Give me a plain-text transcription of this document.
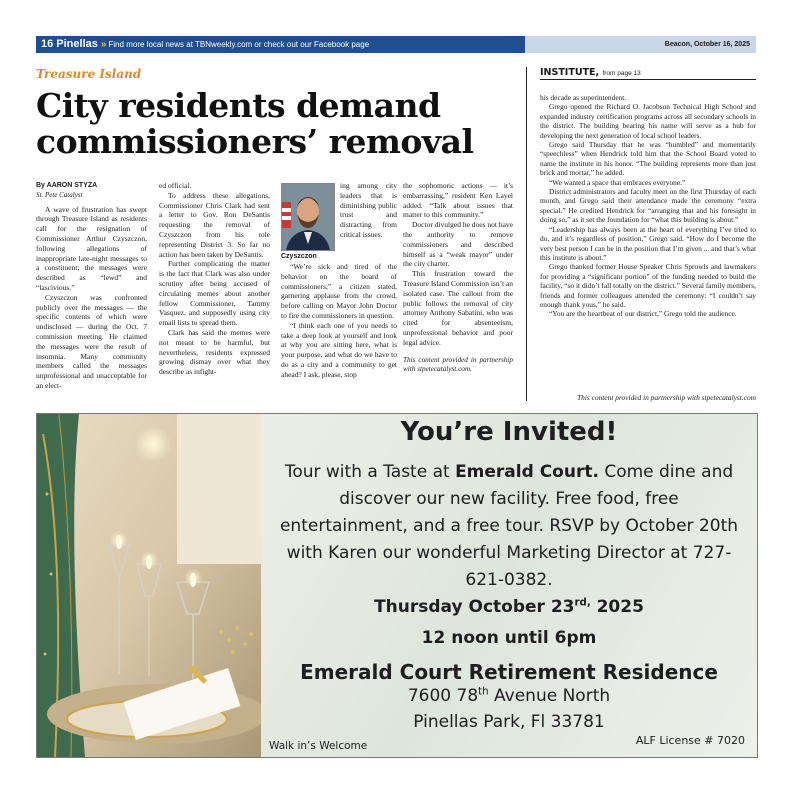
16 Pinellas » Find more local news at TBNweekly.com or check out our Facebook page	Beacon, October 16, 2025
Treasure Island
City residents demand
commissioners’ removal
By AARON STYZA
St. Pete Catalyst

A wave of frustration has swept through Treasure Island as residents call for the resignation of Commissioner Arthur Czyszczon, following allegations of inappropriate late-night messages to a constituent; the messages were described as “lewd” and “lascivious.”

Czyszczon was confronted publicly over the messages — the specific contents of which were undisclosed — during the Oct. 7 commission meeting. He claimed the messages were the result of insomnia. Many community members called the messages unprofessional and unacceptable for an elect-

ed official.

To address these allegations, Commissioner Chris Clark had sent a letter to Gov. Ron DeSantis requesting the removal of Czyszczon from his role representing District 3. So far no action has been taken by DeSantis.

Further complicating the matter is the fact that Clark was also under scrutiny after being accused of circulating memes about another fellow Commissioner, Tammy Vasquez, and supposedly using city email lists to spread them.

Clark has said the memes were not meant to be harmful, but nevertheless, residents expressed growing dismay over what they describe as infight-

Czyszczon

ing among city leaders that is diminishing public trust and distracting from critical issues.

“We’re sick and tired of the behavior on the board of commissioners,” a citizen stated, garnering applause from the crowd, before calling on Mayor John Doctor to fire the commissioners in question.

“I think each one of you needs to take a deep look at yourself and look at why you are sitting here, what is your purpose, and what do we have to do as a city and a community to get ahead? I ask, please, stop

the sophomoric actions — it’s embarrassing,” resident Ken Layel added. “Talk about issues that matter to this community.”

Doctor divulged he does not have the authority to remove commissioners and described himself as a “weak mayor” under the city charter.

This frustration toward the Treasure Island Commission isn’t an isolated case. The callout from the public follows the removal of city attorney Anthony Sabatini, who was cited for absenteeism, unprofessional behavior and poor legal advice.

This content provided in partnership with stpetecatalyst.com.

INSTITUTE, from page 13

his decade as superintendent.

Grego opened the Richard O. Jacobson Technical High School and expanded industry certification programs across all secondary schools in the district. The building bearing his name will serve as a hub for developing the next generation of local school leaders.

Grego said Thursday that he was “humbled” and momentarily “speechless” when Hendrick told him that the School Board voted to name the institute in his honor. “The building represents more than just brick and mortar,” he added.

“We wanted a space that embraces everyone.”

District administrators and faculty meet on the first Thursday of each month, and Grego said their attendance made the ceremony “extra special.” He credited Hendrick for “arranging that and his foresight in doing so,” as it set the foundation for “what this building is about.”

“Leadership has always been at the heart of everything I’ve tried to do, and it’s regardless of position,” Grego said. “How do I become the very best person I can be in the position that I’m given ... and that’s what this institute is about.”

Grego thanked former House Speaker Chris Sprowls and lawmakers for providing a “significant portion” of the funding needed to build the facility, “so it didn’t fall totally on the district.” Several family members, friends and former colleagues attended the ceremony: “I couldn’t say enough thank yous,” he said.

“You are the heartbeat of our district,” Grego told the audience.

This content provided in partnership with stpetecatalyst.com
You’re Invited!
Tour with a Taste at Emerald Court. Come dine and discover our new facility. Free food, free entertainment, and a free tour. RSVP by October 20th with Karen our wonderful Marketing Director at 727-621-0382.
Thursday October $23^{rd,}$ 2025
12 noon until 6pm
Emerald Court Retirement Residence
7600 78th Avenue North
Pinellas Park, Fl 33781
Walk in’s Welcome	ALF License # 7020
